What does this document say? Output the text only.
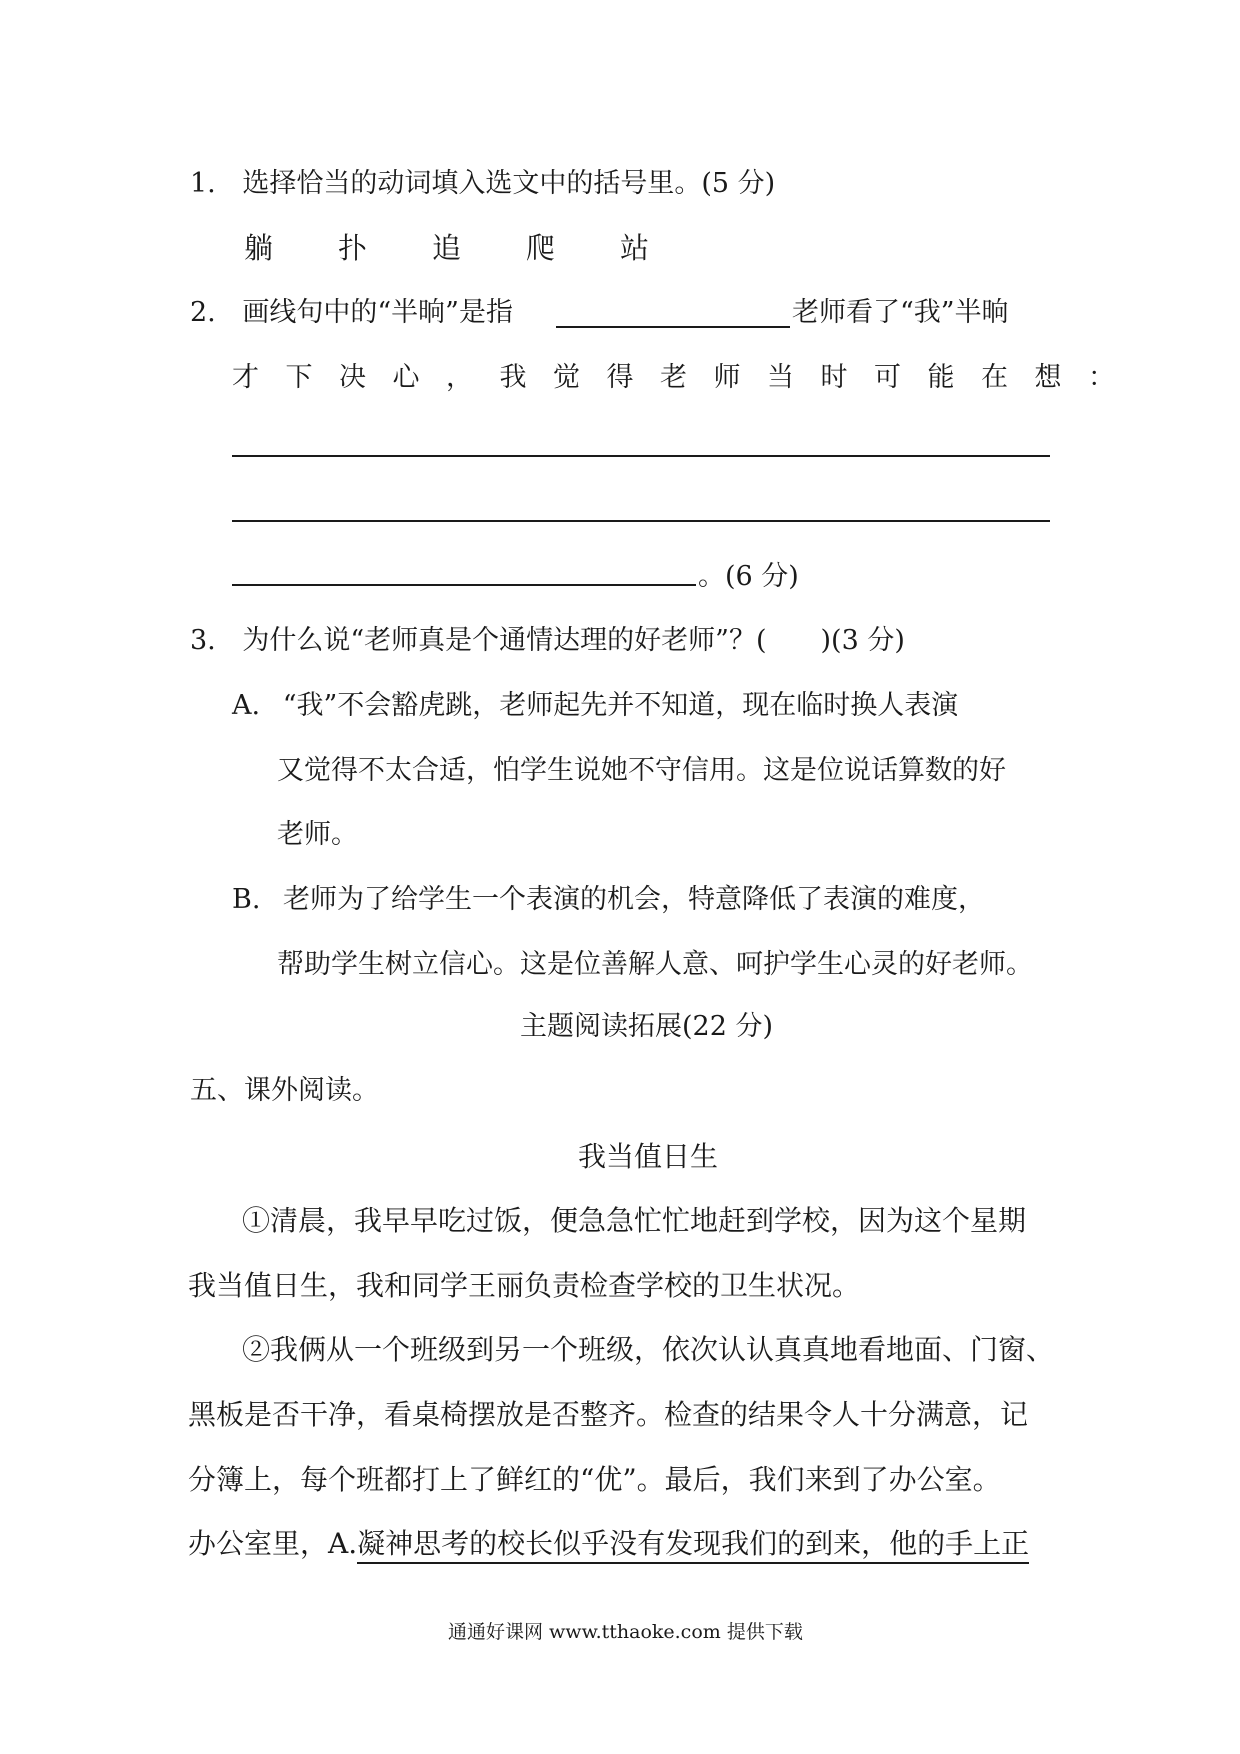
1. 选择恰当的动词填入选文中的括号里。(5 分)
躺 扑 追 爬 站
2. 画线句中的“半晌”是指	老师看了“我”半晌
才下决心，我觉得老师当时可能在想：
。(6 分)
3. 为什么说“老师真是个通情达理的好老师”？(　　)(3 分)
A. “我”不会豁虎跳，老师起先并不知道，现在临时换人表演
又觉得不太合适，怕学生说她不守信用。这是位说话算数的好
老师。
B. 老师为了给学生一个表演的机会，特意降低了表演的难度，
帮助学生树立信心。这是位善解人意、呵护学生心灵的好老师。
主题阅读拓展(22 分)
五、课外阅读。
我当值日生
①清晨，我早早吃过饭，便急急忙忙地赶到学校，因为这个星期
我当值日生，我和同学王丽负责检查学校的卫生状况。
②我俩从一个班级到另一个班级，依次认认真真地看地面、门窗、
黑板是否干净，看桌椅摆放是否整齐。检查的结果令人十分满意，记
分簿上，每个班都打上了鲜红的“优”。最后，我们来到了办公室。
办公室里，A.凝神思考的校长似乎没有发现我们的到来，他的手上正
通通好课网 www.tthaoke.com 提供下载
